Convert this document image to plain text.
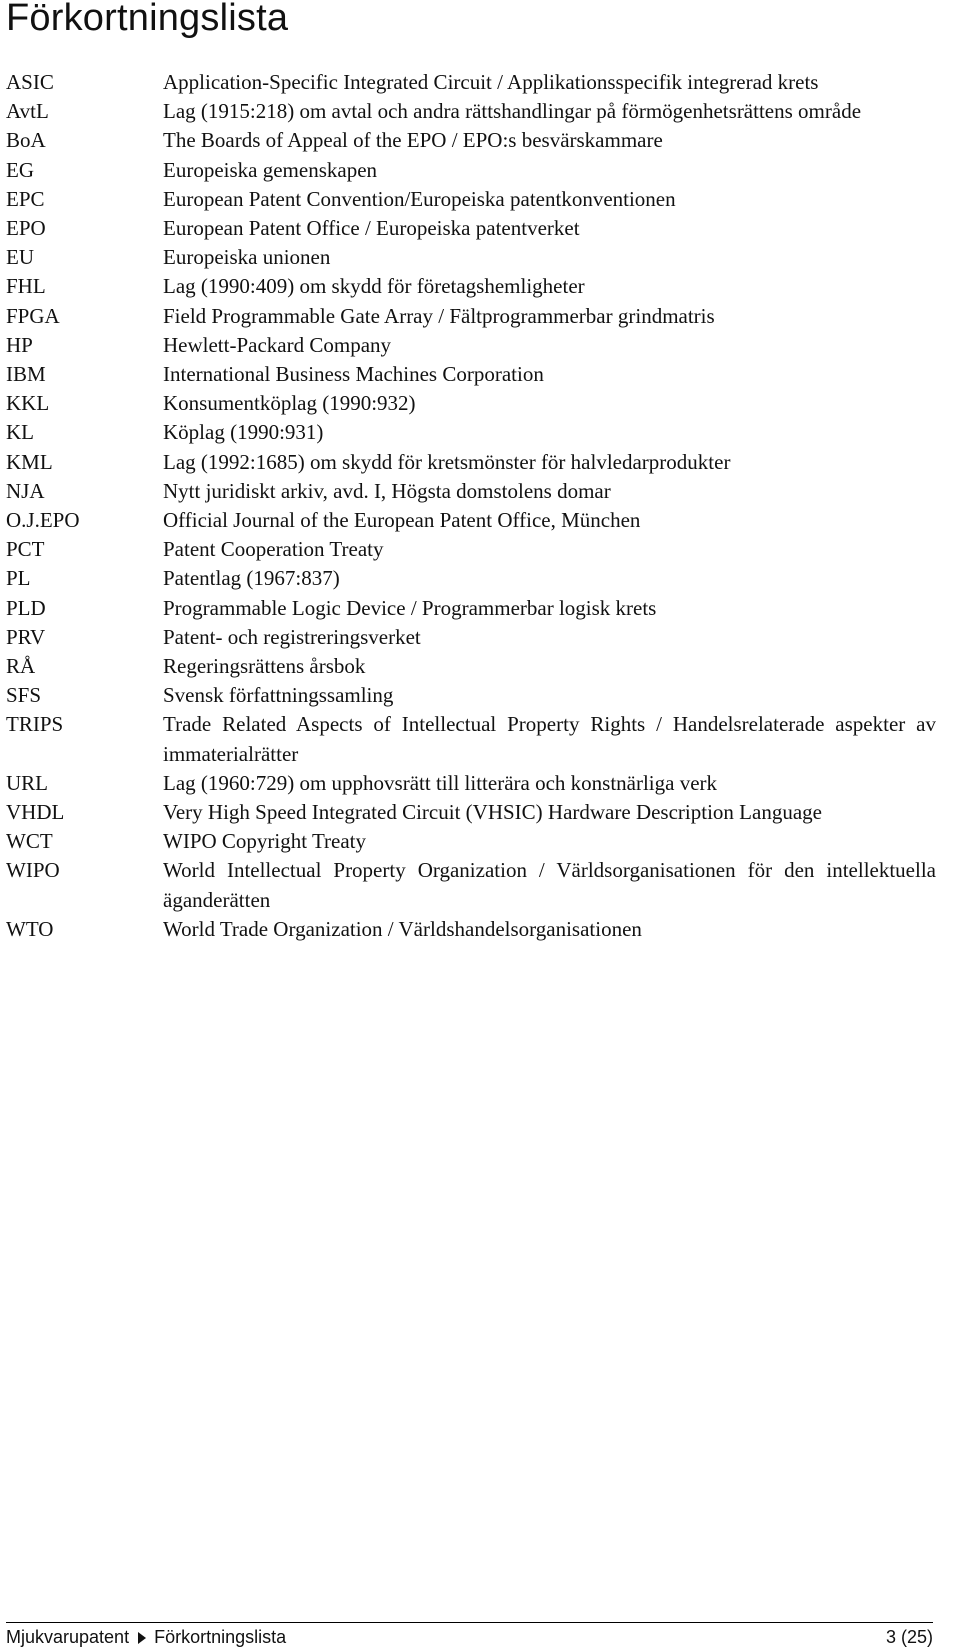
Förkortningslista
ASIC	Application-Specific Integrated Circuit / Applikationsspecifik integrerad krets
AvtL	Lag (1915:218) om avtal och andra rättshandlingar på förmögenhetsrättens område
BoA	The Boards of Appeal of the EPO / EPO:s besvärskammare
EG	Europeiska gemenskapen
EPC	European Patent Convention/Europeiska patentkonventionen
EPO	European Patent Office / Europeiska patentverket
EU	Europeiska unionen
FHL	Lag (1990:409) om skydd för företagshemligheter
FPGA	Field Programmable Gate Array / Fältprogrammerbar grindmatris
HP	Hewlett-Packard Company
IBM	International Business Machines Corporation
KKL	Konsumentköplag (1990:932)
KL	Köplag (1990:931)
KML	Lag (1992:1685) om skydd för kretsmönster för halvledarprodukter
NJA	Nytt juridiskt arkiv, avd. I, Högsta domstolens domar
O.J.EPO	Official Journal of the European Patent Office, München
PCT	Patent Cooperation Treaty
PL	Patentlag (1967:837)
PLD	Programmable Logic Device / Programmerbar logisk krets
PRV	Patent- och registreringsverket
RÅ	Regeringsrättens årsbok
SFS	Svensk författningssamling
TRIPS	Trade Related Aspects of Intellectual Property Rights / Handelsrelaterade aspekter av immaterialrätter
URL	Lag (1960:729) om upphovsrätt till litterära och konstnärliga verk
VHDL	Very High Speed Integrated Circuit (VHSIC) Hardware Description Language
WCT	WIPO Copyright Treaty
WIPO	World Intellectual Property Organization / Världsorganisationen för den intellektuella äganderätten
WTO	World Trade Organization / Världshandelsorganisationen
Mjukvarupatent Förkortningslista	3 (25)
